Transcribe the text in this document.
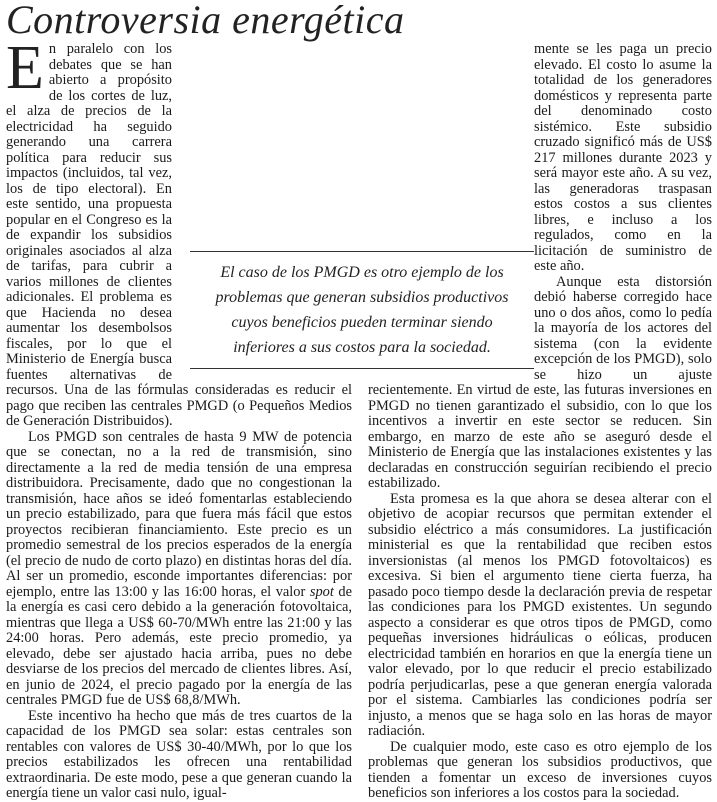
Controversia energética

En paralelo con los debates que se han abierto a propósito de los cortes de luz, el alza de precios de la electricidad ha seguido generando una carrera política para reducir sus impactos (incluidos, tal vez, los de tipo electoral). En este sentido, una propuesta popular en el Congreso es la de expandir los subsidios originales asociados al alza de tarifas, para cubrir a varios millones de clientes adicionales. El problema es que Hacienda no desea aumentar los desembolsos fiscales, por lo que el Ministerio de Energía busca fuentes alternativas de recursos. Una de las fórmulas consideradas es reducir el pago que reciben las centrales PMGD (o Pequeños Medios de Generación Distribuidos).

Los PMGD son centrales de hasta 9 MW de potencia que se conectan, no a la red de transmisión, sino directamente a la red de media tensión de una empresa distribuidora. Precisamente, dado que no congestionan la transmisión, hace años se ideó fomentarlas estableciendo un precio estabilizado, para que fuera más fácil que estos proyectos recibieran financiamiento. Este precio es un promedio semestral de los precios esperados de la energía (el precio de nudo de corto plazo) en distintas horas del día. Al ser un promedio, esconde importantes diferencias: por ejemplo, entre las 13:00 y las 16:00 horas, el valor spot de la energía es casi cero debido a la generación fotovoltaica, mientras que llega a US$ 60-70/MWh entre las 21:00 y las 24:00 horas. Pero además, este precio promedio, ya elevado, debe ser ajustado hacia arriba, pues no debe desviarse de los precios del mercado de clientes libres. Así, en junio de 2024, el precio pagado por la energía de las centrales PMGD fue de US$ 68,8/MWh.

Este incentivo ha hecho que más de tres cuartos de la capacidad de los PMGD sea solar: estas centrales son rentables con valores de US$ 30-40/MWh, por lo que los precios estabilizados les ofrecen una rentabilidad extraordinaria. De este modo, pese a que generan cuando la energía tiene un valor casi nulo, igual-

mente se les paga un precio elevado. El costo lo asume la totalidad de los generadores domésticos y representa parte del denominado costo sistémico. Este subsidio cruzado significó más de US$ 217 millones durante 2023 y será mayor este año. A su vez, las generadoras traspasan estos costos a sus clientes libres, e incluso a los regulados, como en la licitación de suministro de este año.

Aunque esta distorsión debió haberse corregido hace uno o dos años, como lo pedía la mayoría de los actores del sistema (con la evidente excepción de los PMGD), solo se hizo un ajuste recientemente. En virtud de este, las futuras inversiones en PMGD no tienen garantizado el subsidio, con lo que los incentivos a invertir en este sector se reducen. Sin embargo, en marzo de este año se aseguró desde el Ministerio de Energía que las instalaciones existentes y las declaradas en construcción seguirían recibiendo el precio estabilizado.

Esta promesa es la que ahora se desea alterar con el objetivo de acopiar recursos que permitan extender el subsidio eléctrico a más consumidores. La justificación ministerial es que la rentabilidad que reciben estos inversionistas (al menos los PMGD fotovoltaicos) es excesiva. Si bien el argumento tiene cierta fuerza, ha pasado poco tiempo desde la declaración previa de respetar las condiciones para los PMGD existentes. Un segundo aspecto a considerar es que otros tipos de PMGD, como pequeñas inversiones hidráulicas o eólicas, producen electricidad también en horarios en que la energía tiene un valor elevado, por lo que reducir el precio estabilizado podría perjudicarlas, pese a que generan energía valorada por el sistema. Cambiarles las condiciones podría ser injusto, a menos que se haga solo en las horas de mayor radiación.

De cualquier modo, este caso es otro ejemplo de los problemas que generan los subsidios productivos, que tienden a fomentar un exceso de inversiones cuyos beneficios son inferiores a los costos para la sociedad.

El caso de los PMGD es otro ejemplo de los problemas que generan subsidios productivos cuyos beneficios pueden terminar siendo inferiores a sus costos para la sociedad.
